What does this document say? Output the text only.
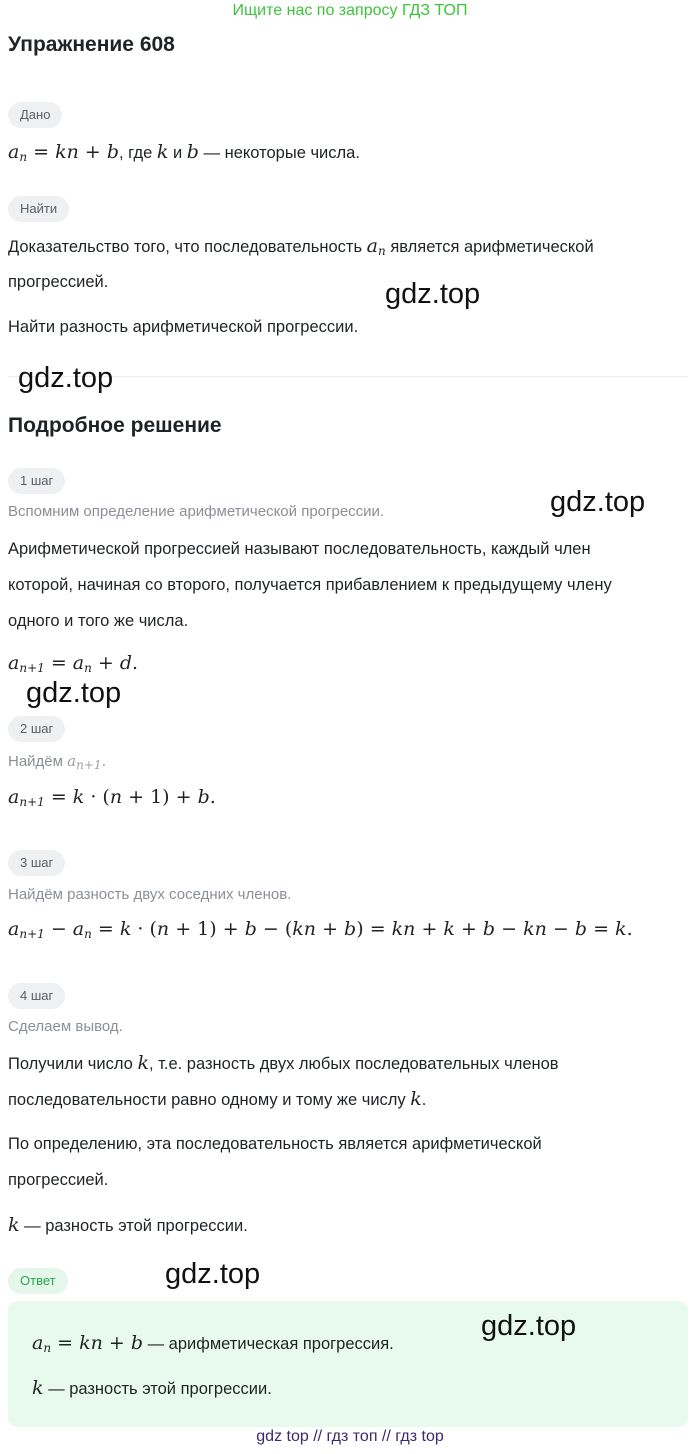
Ищите нас по запросу ГДЗ ТОП
Упражнение 608
Дано
$a_n$ = kn + b, где k и b — некоторые числа.
Найти
Доказательство того, что последовательность $a_n$ является арифметической
прогрессией.
Найти разность арифметической прогрессии.
Подробное решение
1 шаг
Вспомним определение арифметической прогрессии.
Арифметической прогрессией называют последовательность, каждый член
которой, начиная со второго, получается прибавлением к предыдущему члену
одного и того же числа.
$a_{n+1} = a_n + d$.
2 шаг
Найдём $a_{n+1}$.
$a_{n+1} = k \cdot (n + 1) + b$.
3 шаг
Найдём разность двух соседних членов.
$a_{n+1} - a_n = k \cdot (n + 1) + b - (kn + b)$ = kn + k + b − kn − b = k.
4 шаг
Сделаем вывод.
Получили число k, т.е. разность двух любых последовательных членов
последовательности равно одному и тому же числу k.
По определению, эта последовательность является арифметической
прогрессией.
k — разность этой прогрессии.
Ответ
$a_n$ = kn + b — арифметическая прогрессия.
k — разность этой прогрессии.
gdz.top
gdz.top
gdz.top
gdz.top
gdz.top
gdz.top
gdz top // гдз топ // гдз top
